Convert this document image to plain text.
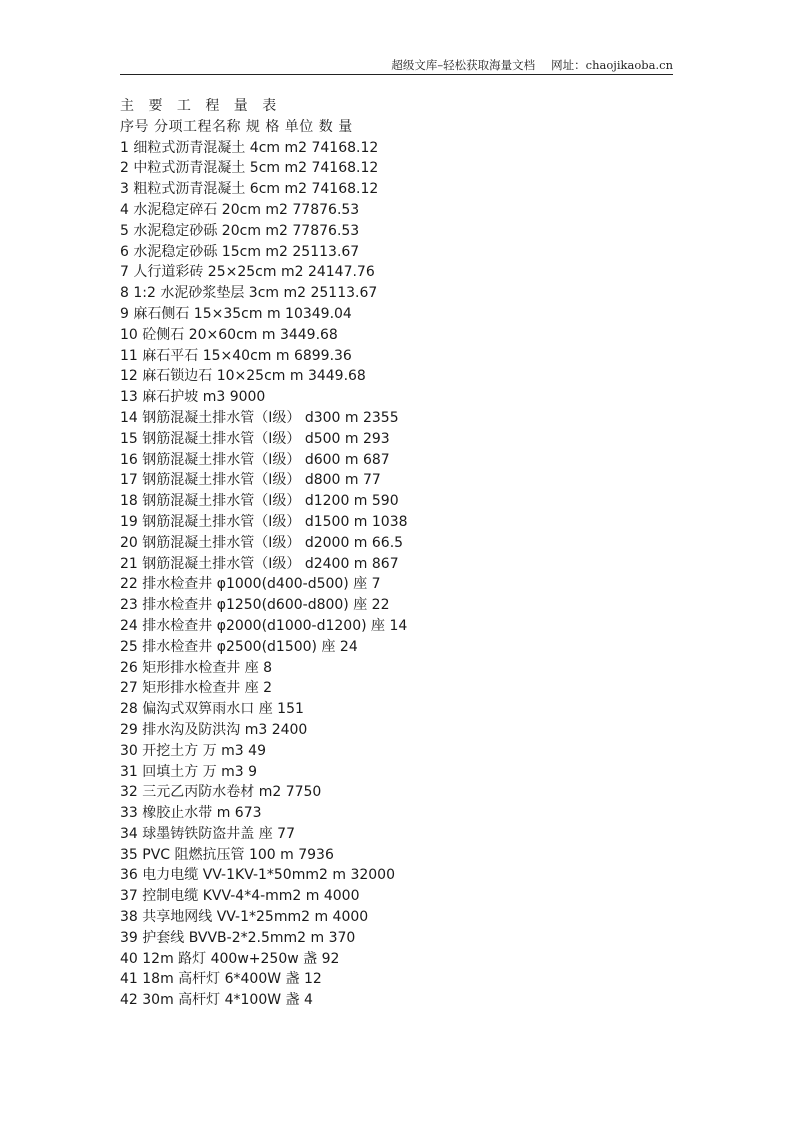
超级文库–轻松获取海量文档 网址：chaojikaoba.cn
主 要 工 程 量 表
序号 分项工程名称 规 格 单位 数 量
1 细粒式沥青混凝土 4cm m2 74168.12
2 中粒式沥青混凝土 5cm m2 74168.12
3 粗粒式沥青混凝土 6cm m2 74168.12
4 水泥稳定碎石 20cm m2 77876.53
5 水泥稳定砂砾 20cm m2 77876.53
6 水泥稳定砂砾 15cm m2 25113.67
7 人行道彩砖 25×25cm m2 24147.76
8 1:2 水泥砂浆垫层 3cm m2 25113.67
9 麻石侧石 15×35cm m 10349.04
10 砼侧石 20×60cm m 3449.68
11 麻石平石 15×40cm m 6899.36
12 麻石锁边石 10×25cm m 3449.68
13 麻石护坡 m3 9000
14 钢筋混凝土排水管（Ⅰ级） d300 m 2355
15 钢筋混凝土排水管（Ⅰ级） d500 m 293
16 钢筋混凝土排水管（Ⅰ级） d600 m 687
17 钢筋混凝土排水管（Ⅰ级） d800 m 77
18 钢筋混凝土排水管（Ⅰ级） d1200 m 590
19 钢筋混凝土排水管（Ⅰ级） d1500 m 1038
20 钢筋混凝土排水管（Ⅰ级） d2000 m 66.5
21 钢筋混凝土排水管（Ⅰ级） d2400 m 867
22 排水检查井 φ1000(d400-d500) 座 7
23 排水检查井 φ1250(d600-d800) 座 22
24 排水检查井 φ2000(d1000-d1200) 座 14
25 排水检查井 φ2500(d1500) 座 24
26 矩形排水检查井 座 8
27 矩形排水检查井 座 2
28 偏沟式双箅雨水口 座 151
29 排水沟及防洪沟 m3 2400
30 开挖土方 万 m3 49
31 回填土方 万 m3 9
32 三元乙丙防水卷材 m2 7750
33 橡胶止水带 m 673
34 球墨铸铁防盗井盖 座 77
35 PVC 阻燃抗压管 100 m 7936
36 电力电缆 VV-1KV-1*50mm2 m 32000
37 控制电缆 KVV-4*4-mm2 m 4000
38 共享地网线 VV-1*25mm2 m 4000
39 护套线 BVVB-2*2.5mm2 m 370
40 12m 路灯 400w+250w 盏 92
41 18m 高杆灯 6*400W 盏 12
42 30m 高杆灯 4*100W 盏 4
